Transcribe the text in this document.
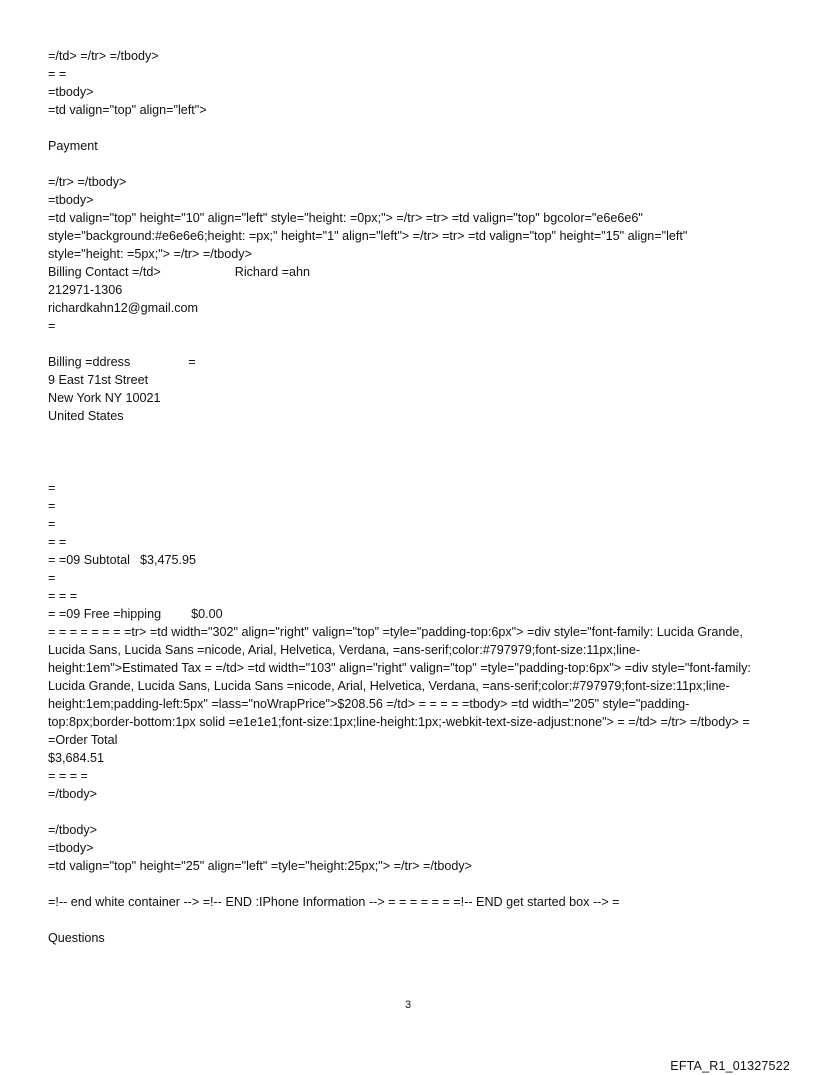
=/td> =/tr> =/tbody>
= =
=tbody>
=td valign="top" align="left">
Payment
=/tr> =/tbody>
=tbody>
=td valign="top" height="10" align="left" style="height: =0px;"> =/tr> =tr> =td valign="top" bgcolor="e6e6e6" style="background:#e6e6e6;height: =px;" height="1" align="left"> =/tr> =tr> =td valign="top" height="15" align="left" style="height: =5px;"> =/tr> =/tbody>
Billing Contact =/td>	Richard =ahn
212971-1306
richardkahn12@gmail.com
=
Billing =ddress	=
9 East 71st Street
New York NY 10021
United States
=
=
=
= =
= =09 Subtotal $3,475.95
=
= = =
= =09 Free =hipping $0.00
= = = = = = = =tr> =td width="302" align="right" valign="top" =tyle="padding-top:6px"> =div style="font-family: Lucida Grande, Lucida Sans, Lucida Sans =nicode, Arial, Helvetica, Verdana, =ans-serif;color:#797979;font-size:11px;line-height:1em">Estimated Tax = =/td> =td width="103" align="right" valign="top" =tyle="padding-top:6px"> =div style="font-family: Lucida Grande, Lucida Sans, Lucida Sans =nicode, Arial, Helvetica, Verdana, =ans-serif;color:#797979;font-size:11px;line-height:1em;padding-left:5px" =lass="noWrapPrice">$208.56 =/td> = = = = =tbody> =td width="205" style="padding-top:8px;border-bottom:1px solid =e1e1e1;font-size:1px;line-height:1px;-webkit-text-size-adjust:none"> = =/td> =/tr> =/tbody> = =Order Total
$3,684.51
= = = =
=/tbody>
=/tbody>
=tbody>
=td valign="top" height="25" align="left" =tyle="height:25px;"> =/tr> =/tbody>
=!-- end white container --> =!-- END :IPhone Information --> = = = = = = =!-- END get started box --> =
Questions
3
EFTA_R1_01327522
